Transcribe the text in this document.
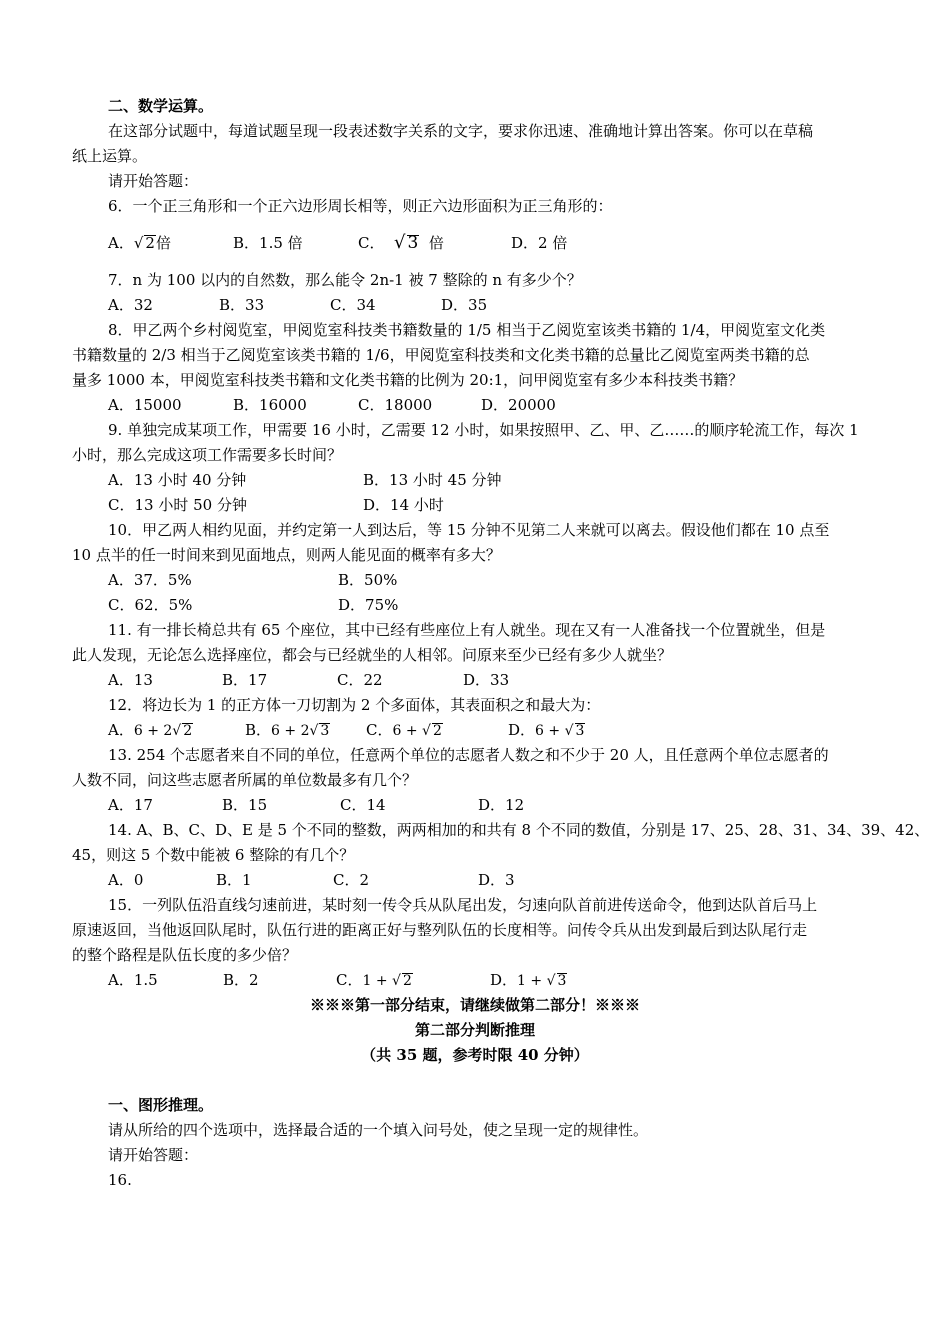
二、数学运算。
在这部分试题中，每道试题呈现一段表述数字关系的文字，要求你迅速、准确地计算出答案。你可以在草稿
纸上运算。
请开始答题：
6．一个正三角形和一个正六边形周长相等，则正六边形面积为正三角形的：
A．√ 2倍	B．1.5 倍	C． √ 3 倍	D．2 倍
7．n 为 100 以内的自然数，那么能令 2n-1 被 7 整除的 n 有多少个？
A．32	B．33	C．34	D．35
8．甲乙两个乡村阅览室，甲阅览室科技类书籍数量的 1/5 相当于乙阅览室该类书籍的 1/4，甲阅览室文化类
书籍数量的 2/3 相当于乙阅览室该类书籍的 1/6，甲阅览室科技类和文化类书籍的总量比乙阅览室两类书籍的总
量多 1000 本，甲阅览室科技类书籍和文化类书籍的比例为 20:1，问甲阅览室有多少本科技类书籍？
A．15000	B．16000	C．18000	D．20000
9. 单独完成某项工作，甲需要 16 小时，乙需要 12 小时，如果按照甲、乙、甲、乙……的顺序轮流工作，每次 1
小时，那么完成这项工作需要多长时间？
A．13 小时 40 分钟	B．13 小时 45 分钟
C．13 小时 50 分钟	D．14 小时
10．甲乙两人相约见面，并约定第一人到达后，等 15 分钟不见第二人来就可以离去。假设他们都在 10 点至
10 点半的任一时间来到见面地点，则两人能见面的概率有多大？
A．37．5%	B．50%
C．62．5%	D．75%
11. 有一排长椅总共有 65 个座位，其中已经有些座位上有人就坐。现在又有一人准备找一个位置就坐，但是
此人发现，无论怎么选择座位，都会与已经就坐的人相邻。问原来至少已经有多少人就坐？
A．13	B．17	C．22	D．33
12．将边长为 1 的正方体一刀切割为 2 个多面体，其表面积之和最大为：
A．6 + 2√ 2	B．6 + 2√ 3 C．6 + √ 2	D．6 + √ 3
13. 254 个志愿者来自不同的单位，任意两个单位的志愿者人数之和不少于 20 人，且任意两个单位志愿者的
人数不同，问这些志愿者所属的单位数最多有几个？
A．17	B．15	C．14	D．12
14. A、B、C、D、E 是 5 个不同的整数，两两相加的和共有 8 个不同的数值，分别是 17、25、28、31、34、39、42、
45，则这 5 个数中能被 6 整除的有几个？
A．0	B．1	C．2	D．3
15．一列队伍沿直线匀速前进，某时刻一传令兵从队尾出发，匀速向队首前进传送命令，他到达队首后马上
原速返回，当他返回队尾时，队伍行进的距离正好与整列队伍的长度相等。问传令兵从出发到最后到达队尾行走
的整个路程是队伍长度的多少倍？
A．1.5	B．2	C．1 + √ 2	D．1 + √ 3
※※※第一部分结束，请继续做第二部分！※※※
第二部分判断推理
（共 35 题，参考时限 40 分钟）
一、图形推理。
请从所给的四个选项中，选择最合适的一个填入问号处，使之呈现一定的规律性。
请开始答题：
16.
